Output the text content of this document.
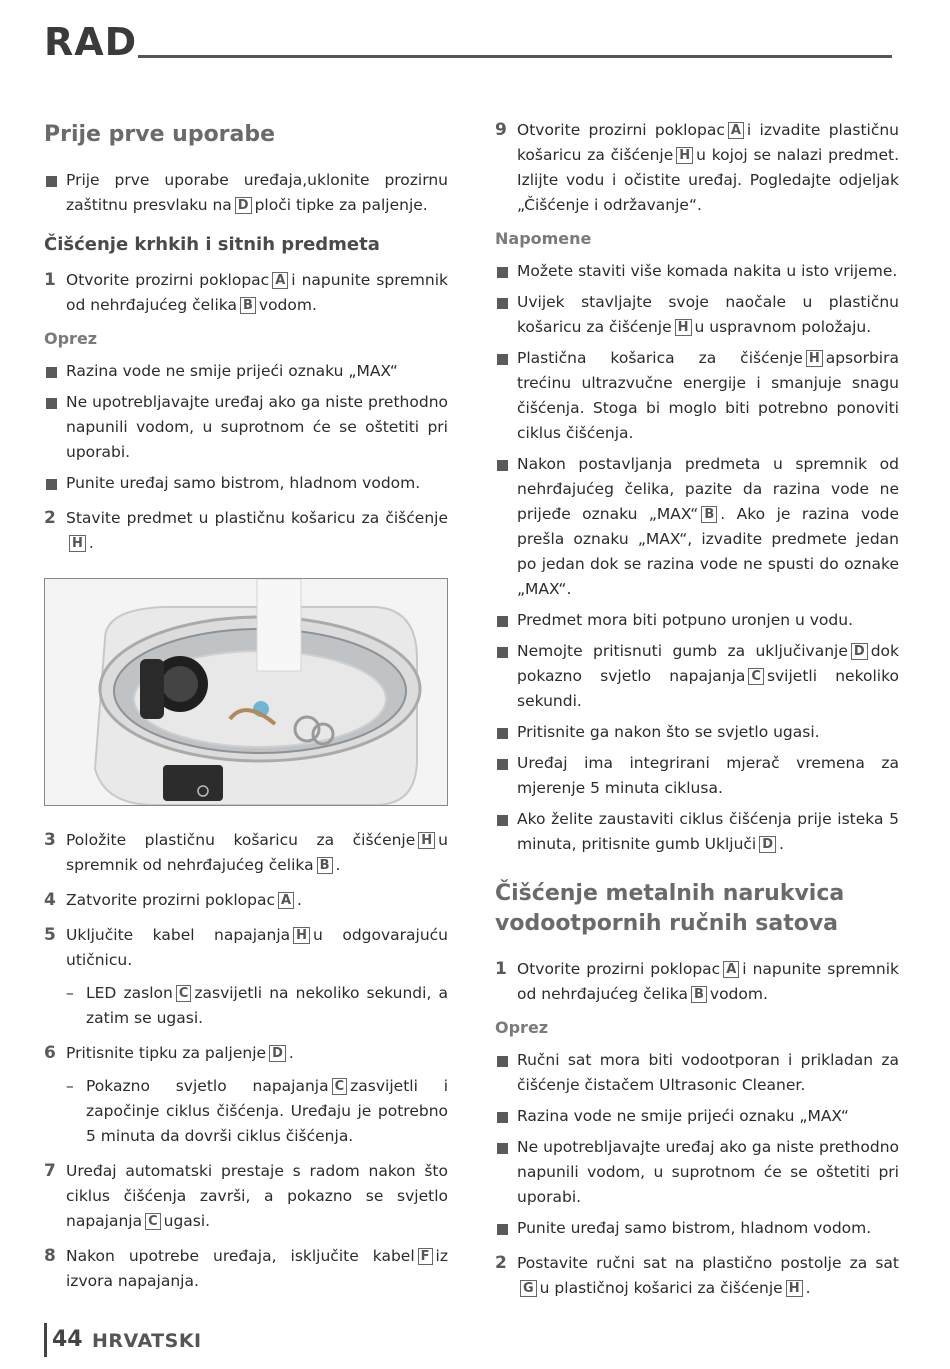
RAD
Prije prve uporabe

Prije prve uporabe uređaja,uklonite prozirnu zaštitnu presvlaku na D ploči tipke za paljenje.

Čišćenje krhkih i sitnih predmeta

1 Otvorite prozirni poklopac A i napunite spremnik od nehrđajućeg čelika B vodom.

Oprez

Razina vode ne smije prijeći oznaku „MAX“

Ne upotrebljavajte uređaj ako ga niste prethodno napunili vodom, u suprotnom će se oštetiti pri uporabi.

Punite uređaj samo bistrom, hladnom vodom.

2 Stavite predmet u plastičnu košaricu za čišćenjeH .

3 Položite plastičnu košaricu za čišćenje H u spremnik od nehrđajućeg čelika B .

4 Zatvorite prozirni poklopac A .

5 Uključite kabel napajanja H u odgovarajuću utičnicu.

– LED zaslon C zasvijetli na nekoliko sekundi, a zatim se ugasi.

6 Pritisnite tipku za paljenje D .

– Pokazno svjetlo napajanja C zasvijetli i započinje ciklus čišćenja. Uređaju je potrebno 5 minuta da dovrši ciklus čišćenja.

7 Uređaj automatski prestaje s radom nakon što ciklus čišćenja završi, a pokazno se svjetlo napajanja C ugasi.

8 Nakon upotrebe uređaja, isključite kabel F iz izvora napajanja.

9 Otvorite prozirni poklopac A i izvadite plastičnu košaricu za čišćenje H u kojoj se nalazi predmet. Izlijte vodu i očistite uređaj. Pogledajte odjeljak „Čišćenje i održavanje“.

Napomene

Možete staviti više komada nakita u isto vrijeme.

Uvijek stavljajte svoje naočale u plastičnu košaricu za čišćenje H u uspravnom položaju.

Plastična košarica za čišćenje H apsorbira trećinu ultrazvučne energije i smanjuje snagu čišćenja. Stoga bi moglo biti potrebno ponoviti ciklus čišćenja.

Nakon postavljanja predmeta u spremnik od nehrđajućeg čelika, pazite da razina vode ne prijeđe oznaku „MAX“ B . Ako je razina vode prešla oznaku „MAX“, izvadite predmete jedan po jedan dok se razina vode ne spusti do oznake „MAX“.

Predmet mora biti potpuno uronjen u vodu.

Nemojte pritisnuti gumb za uključivanje D dok pokazno svjetlo napajanja C svijetli nekoliko sekundi.

Pritisnite ga nakon što se svjetlo ugasi.

Uređaj ima integrirani mjerač vremena za mjerenje 5 minuta ciklusa.

Ako želite zaustaviti ciklus čišćenja prije isteka 5 minuta, pritisnite gumb Uključi D .

Čišćenje metalnih narukvica vodootpornih ručnih satova

1 Otvorite prozirni poklopac A i napunite spremnik od nehrđajućeg čelika B vodom.

Oprez

Ručni sat mora biti vodootporan i prikladan za čišćenje čistačem Ultrasonic Cleaner.

Razina vode ne smije prijeći oznaku „MAX“

Ne upotrebljavajte uređaj ako ga niste prethodno napunili vodom, u suprotnom će se oštetiti pri uporabi.

Punite uređaj samo bistrom, hladnom vodom.

2 Postavite ručni sat na plastično postolje za satG u plastičnoj košarici za čišćenje H .

44 HRVATSKI
